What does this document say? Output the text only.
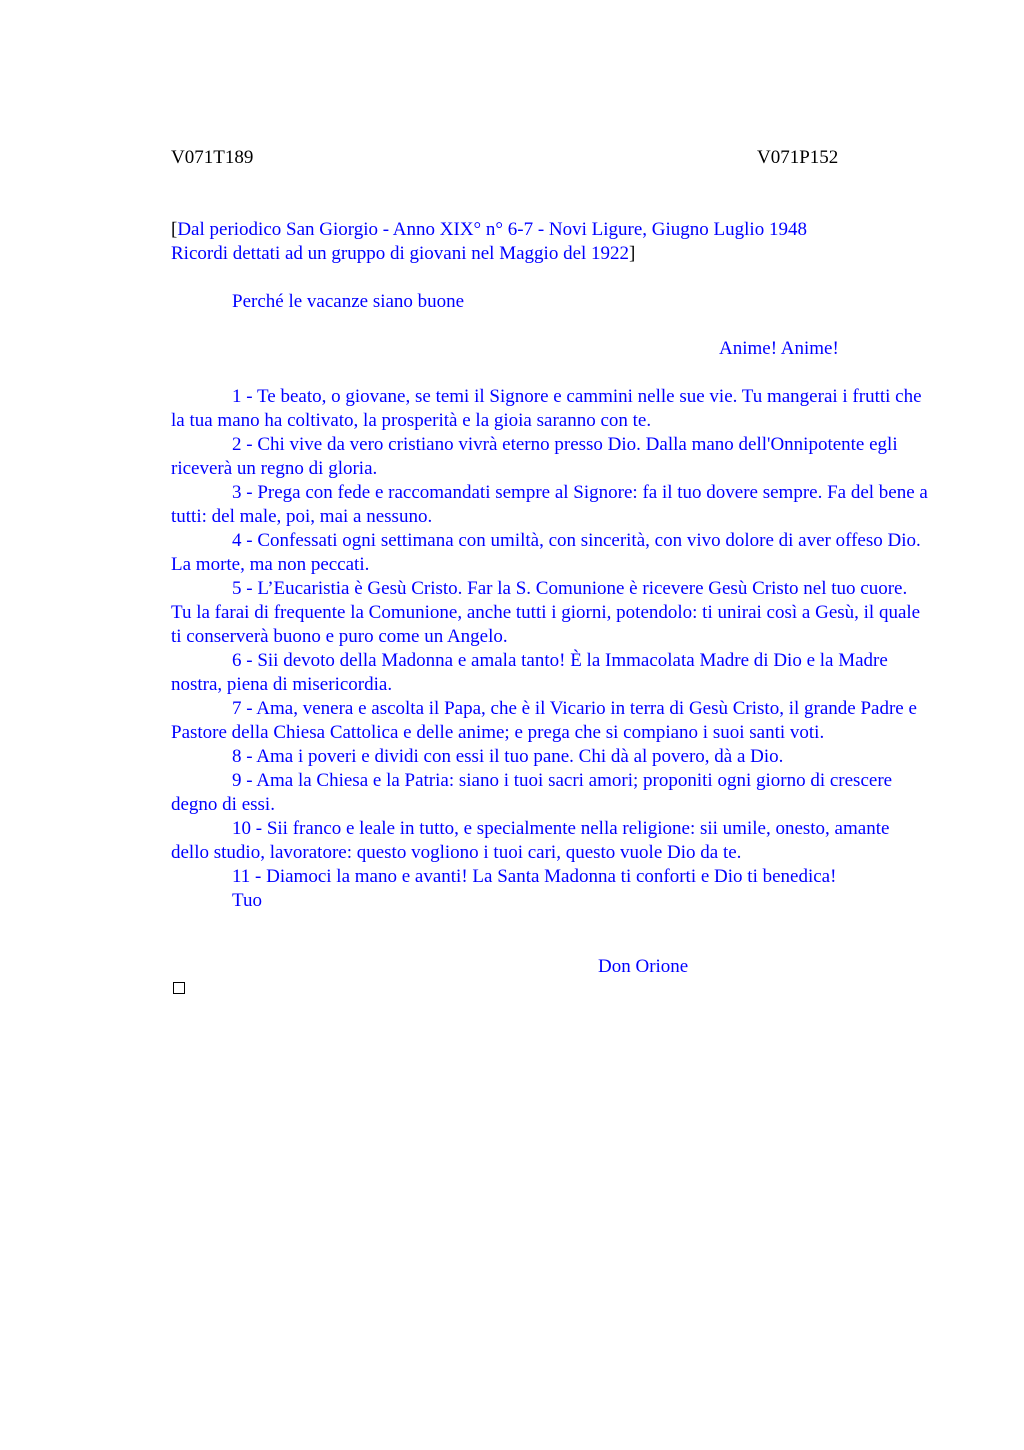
V071T189	V071P152
[Dal periodico San Giorgio - Anno XIX° n° 6-7 - Novi Ligure, Giugno Luglio 1948
Ricordi dettati ad un gruppo di giovani nel Maggio del 1922]
Perché le vacanze siano buone
Anime! Anime!
1 - Te beato, o giovane, se temi il Signore e cammini nelle sue vie. Tu mangerai i frutti che la tua mano ha coltivato, la prosperità e la gioia saranno con te.
2 - Chi vive da vero cristiano vivrà eterno presso Dio. Dalla mano dell'Onnipotente egli riceverà un regno di gloria.
3 - Prega con fede e raccomandati sempre al Signore: fa il tuo dovere sempre. Fa del bene a tutti: del male, poi, mai a nessuno.
4 - Confessati ogni settimana con umiltà, con sincerità, con vivo dolore di aver offeso Dio. La morte, ma non peccati.
5 - L’Eucaristia è Gesù Cristo. Far la S. Comunione è ricevere Gesù Cristo nel tuo cuore. Tu la farai di frequente la Comunione, anche tutti i giorni, potendolo: ti unirai così a Gesù, il quale ti conserverà buono e puro come un Angelo.
6 - Sii devoto della Madonna e amala tanto! È la Immacolata Madre di Dio e la Madre nostra, piena di misericordia.
7 - Ama, venera e ascolta il Papa, che è il Vicario in terra di Gesù Cristo, il grande Padre e Pastore della Chiesa Cattolica e delle anime; e prega che si compiano i suoi santi voti.
8 - Ama i poveri e dividi con essi il tuo pane. Chi dà al povero, dà a Dio.
9 - Ama la Chiesa e la Patria: siano i tuoi sacri amori; proponiti ogni giorno di crescere degno di essi.
10 - Sii franco e leale in tutto, e specialmente nella religione: sii umile, onesto, amante dello studio, lavoratore: questo vogliono i tuoi cari, questo vuole Dio da te.
11 - Diamoci la mano e avanti! La Santa Madonna ti conforti e Dio ti benedica!
Tuo
Don Orione
